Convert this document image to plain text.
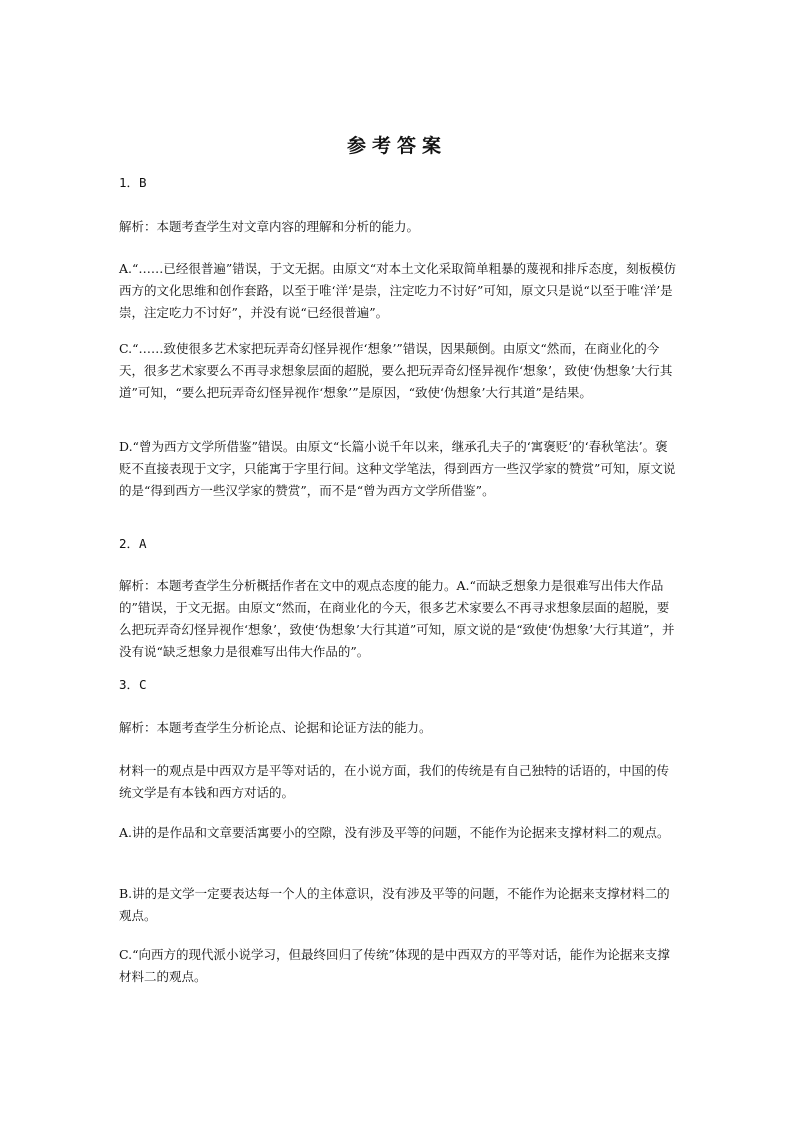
参考答案
1．B
解析：本题考查学生对文章内容的理解和分析的能力。
A.“……已经很普遍”错误，于文无据。由原文“对本土文化采取简单粗暴的蔑视和排斥态度，刻板模仿西方的文化思维和创作套路，以至于唯‘洋’是崇，注定吃力不讨好”可知，原文只是说“以至于唯‘洋’是崇，注定吃力不讨好”，并没有说“已经很普遍”。
C.“……致使很多艺术家把玩弄奇幻怪异视作‘想象’”错误，因果颠倒。由原文“然而，在商业化的今天，很多艺术家要么不再寻求想象层面的超脱，要么把玩弄奇幻怪异视作‘想象’，致使‘伪想象’大行其道”可知，“要么把玩弄奇幻怪异视作‘想象’”是原因，“致使‘伪想象’大行其道”是结果。
D.“曾为西方文学所借鉴”错误。由原文“长篇小说千年以来，继承孔夫子的‘寓褒贬’的‘春秋笔法’。褒贬不直接表现于文字，只能寓于字里行间。这种文学笔法，得到西方一些汉学家的赞赏”可知，原文说的是“得到西方一些汉学家的赞赏”，而不是“曾为西方文学所借鉴”。
2．A
解析：本题考查学生分析概括作者在文中的观点态度的能力。A.“而缺乏想象力是很难写出伟大作品的”错误，于文无据。由原文“然而，在商业化的今天，很多艺术家要么不再寻求想象层面的超脱，要么把玩弄奇幻怪异视作‘想象’，致使‘伪想象’大行其道”可知，原文说的是“致使‘伪想象’大行其道”，并没有说“缺乏想象力是很难写出伟大作品的”。
3．C
解析：本题考查学生分析论点、论据和论证方法的能力。
材料一的观点是中西双方是平等对话的，在小说方面，我们的传统是有自己独特的话语的，中国的传统文学是有本钱和西方对话的。
A.讲的是作品和文章要活寓要小的空隙，没有涉及平等的问题，不能作为论据来支撑材料二的观点。
B.讲的是文学一定要表达每一个人的主体意识，没有涉及平等的问题，不能作为论据来支撑材料二的观点。
C.“向西方的现代派小说学习，但最终回归了传统”体现的是中西双方的平等对话，能作为论据来支撑材料二的观点。
